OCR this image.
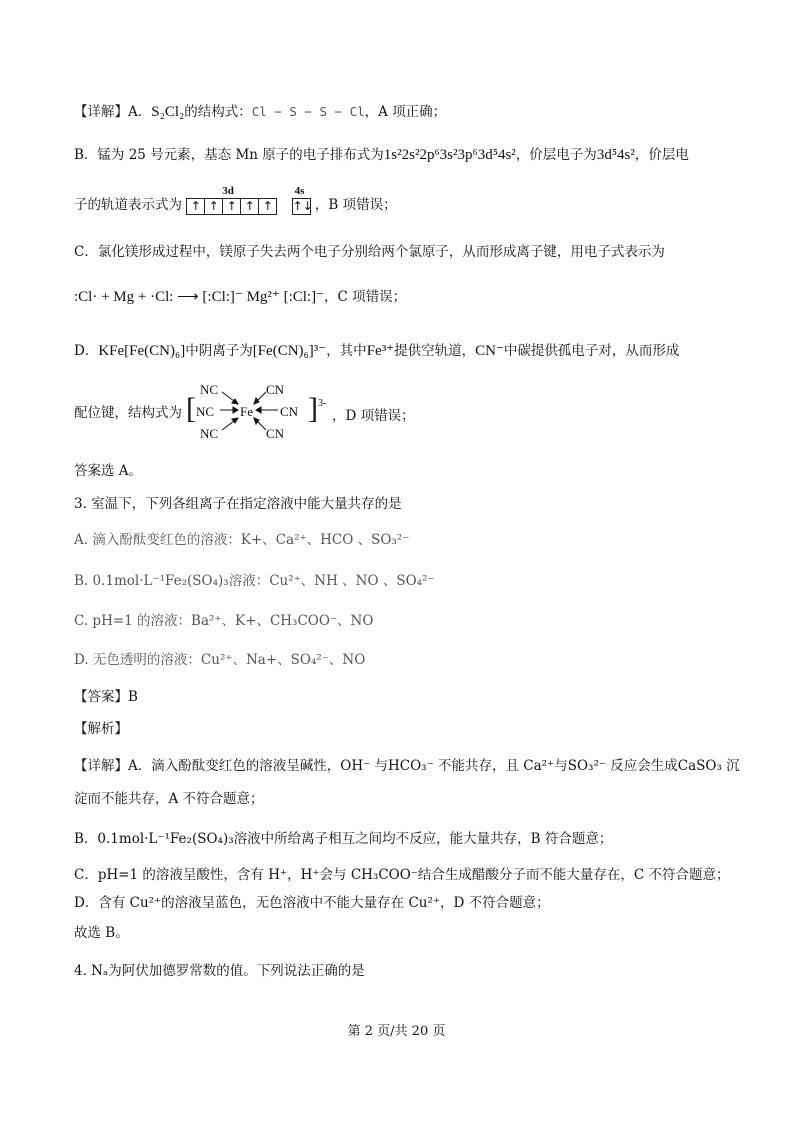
【详解】A．S₂Cl₂的结构式：Cl − S − S − Cl，A 项正确；
B．锰为 25 号元素，基态 Mn 原子的电子排布式为1s²2s²2p⁶3s²3p⁶3d⁵4s²，价层电子为3d⁵4s²，价层电
子的轨道表示式为
3d
↑ ↑ ↑ ↑ ↑
4s
↑↓ ，B 项错误；
C．氯化镁形成过程中，镁原子失去两个电子分别给两个氯原子，从而形成离子键，用电子式表示为
:Cl· + Mg + ·Cl: ⟶ [:Cl:]⁻ Mg²⁺ [:Cl:]⁻，C 项错误；
D．KFe[Fe(CN)₆]中阴离子为[Fe(CN)₆]³⁻，其中Fe³⁺提供空轨道，CN⁻中碳提供孤电子对，从而形成
配位键，结构式为 [
NC
NC
NC
Fe
CN
CN
CN
] 3-
，D 项错误；
答案选 A。
3. 室温下，下列各组离子在指定溶液中能大量共存的是
A. 滴入酚酞变红色的溶液：K+、Ca²⁺、HCO 、SO₃²⁻
B. 0.1mol·L⁻¹Fe₂(SO₄)₃溶液：Cu²⁺、NH 、NO 、SO₄²⁻
C. pH=1 的溶液：Ba²⁺、K+、CH₃COO⁻、NO
D. 无色透明的溶液：Cu²⁺、Na+、SO₄²⁻、NO
【答案】B
【解析】
【详解】A．滴入酚酞变红色的溶液呈碱性，OH⁻ 与HCO₃⁻ 不能共存，且 Ca²⁺与SO₃²⁻ 反应会生成CaSO₃ 沉
淀而不能共存，A 不符合题意；
B．0.1mol·L⁻¹Fe₂(SO₄)₃溶液中所给离子相互之间均不反应，能大量共存，B 符合题意；
C．pH=1 的溶液呈酸性，含有 H⁺，H⁺会与 CH₃COO⁻结合生成醋酸分子而不能大量存在，C 不符合题意；
D．含有 Cu²⁺的溶液呈蓝色，无色溶液中不能大量存在 Cu²⁺，D 不符合题意；
故选 B。
4. Nₐ为阿伏加德罗常数的值。下列说法正确的是
第 2 页/共 20 页
